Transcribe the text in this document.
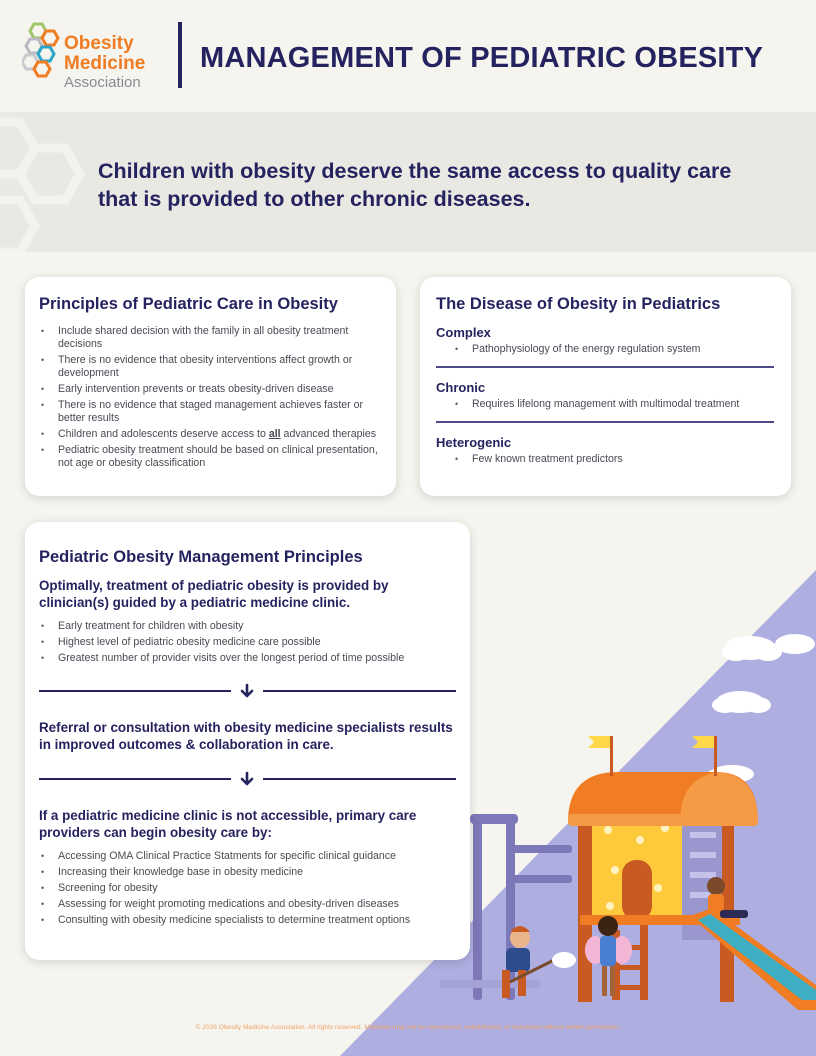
Obesity
Medicine
Association
MANAGEMENT OF PEDIATRIC OBESITY
Children with obesity deserve the same access to quality care that is provided to other chronic diseases.
Principles of Pediatric Care in Obesity
• Include shared decision with the family in all obesity treatment decisions
• There is no evidence that obesity interventions affect growth or development
• Early intervention prevents or treats obesity-driven disease
• There is no evidence that staged management achieves faster or better results
• Children and adolescents deserve access to all advanced therapies
• Pediatric obesity treatment should be based on clinical presentation, not age or obesity classification
The Disease of Obesity in Pediatrics
Complex
• Pathophysiology of the energy regulation system
Chronic
• Requires lifelong management with multimodal treatment
Heterogenic
• Few known treatment predictors
Pediatric Obesity Management Principles
Optimally, treatment of pediatric obesity is provided by clinician(s) guided by a pediatric medicine clinic.
• Early treatment for children with obesity
• Highest level of pediatric obesity medicine care possible
• Greatest number of provider visits over the longest period of time possible
Referral or consultation with obesity medicine specialists results in improved outcomes & collaboration in care.
If a pediatric medicine clinic is not accessible, primary care providers can begin obesity care by:
• Accessing OMA Clinical Practice Statments for specific clinical guidance
• Increasing their knowledge base in obesity medicine
• Screening for obesity
• Assessing for weight promoting medications and obesity-driven diseases
• Consulting with obesity medicine specialists to determine treatment options
© 2026 Obesity Medicine Association. All rights reserved. Materials may not be reproduced, redistributed, or translated without written permission.
